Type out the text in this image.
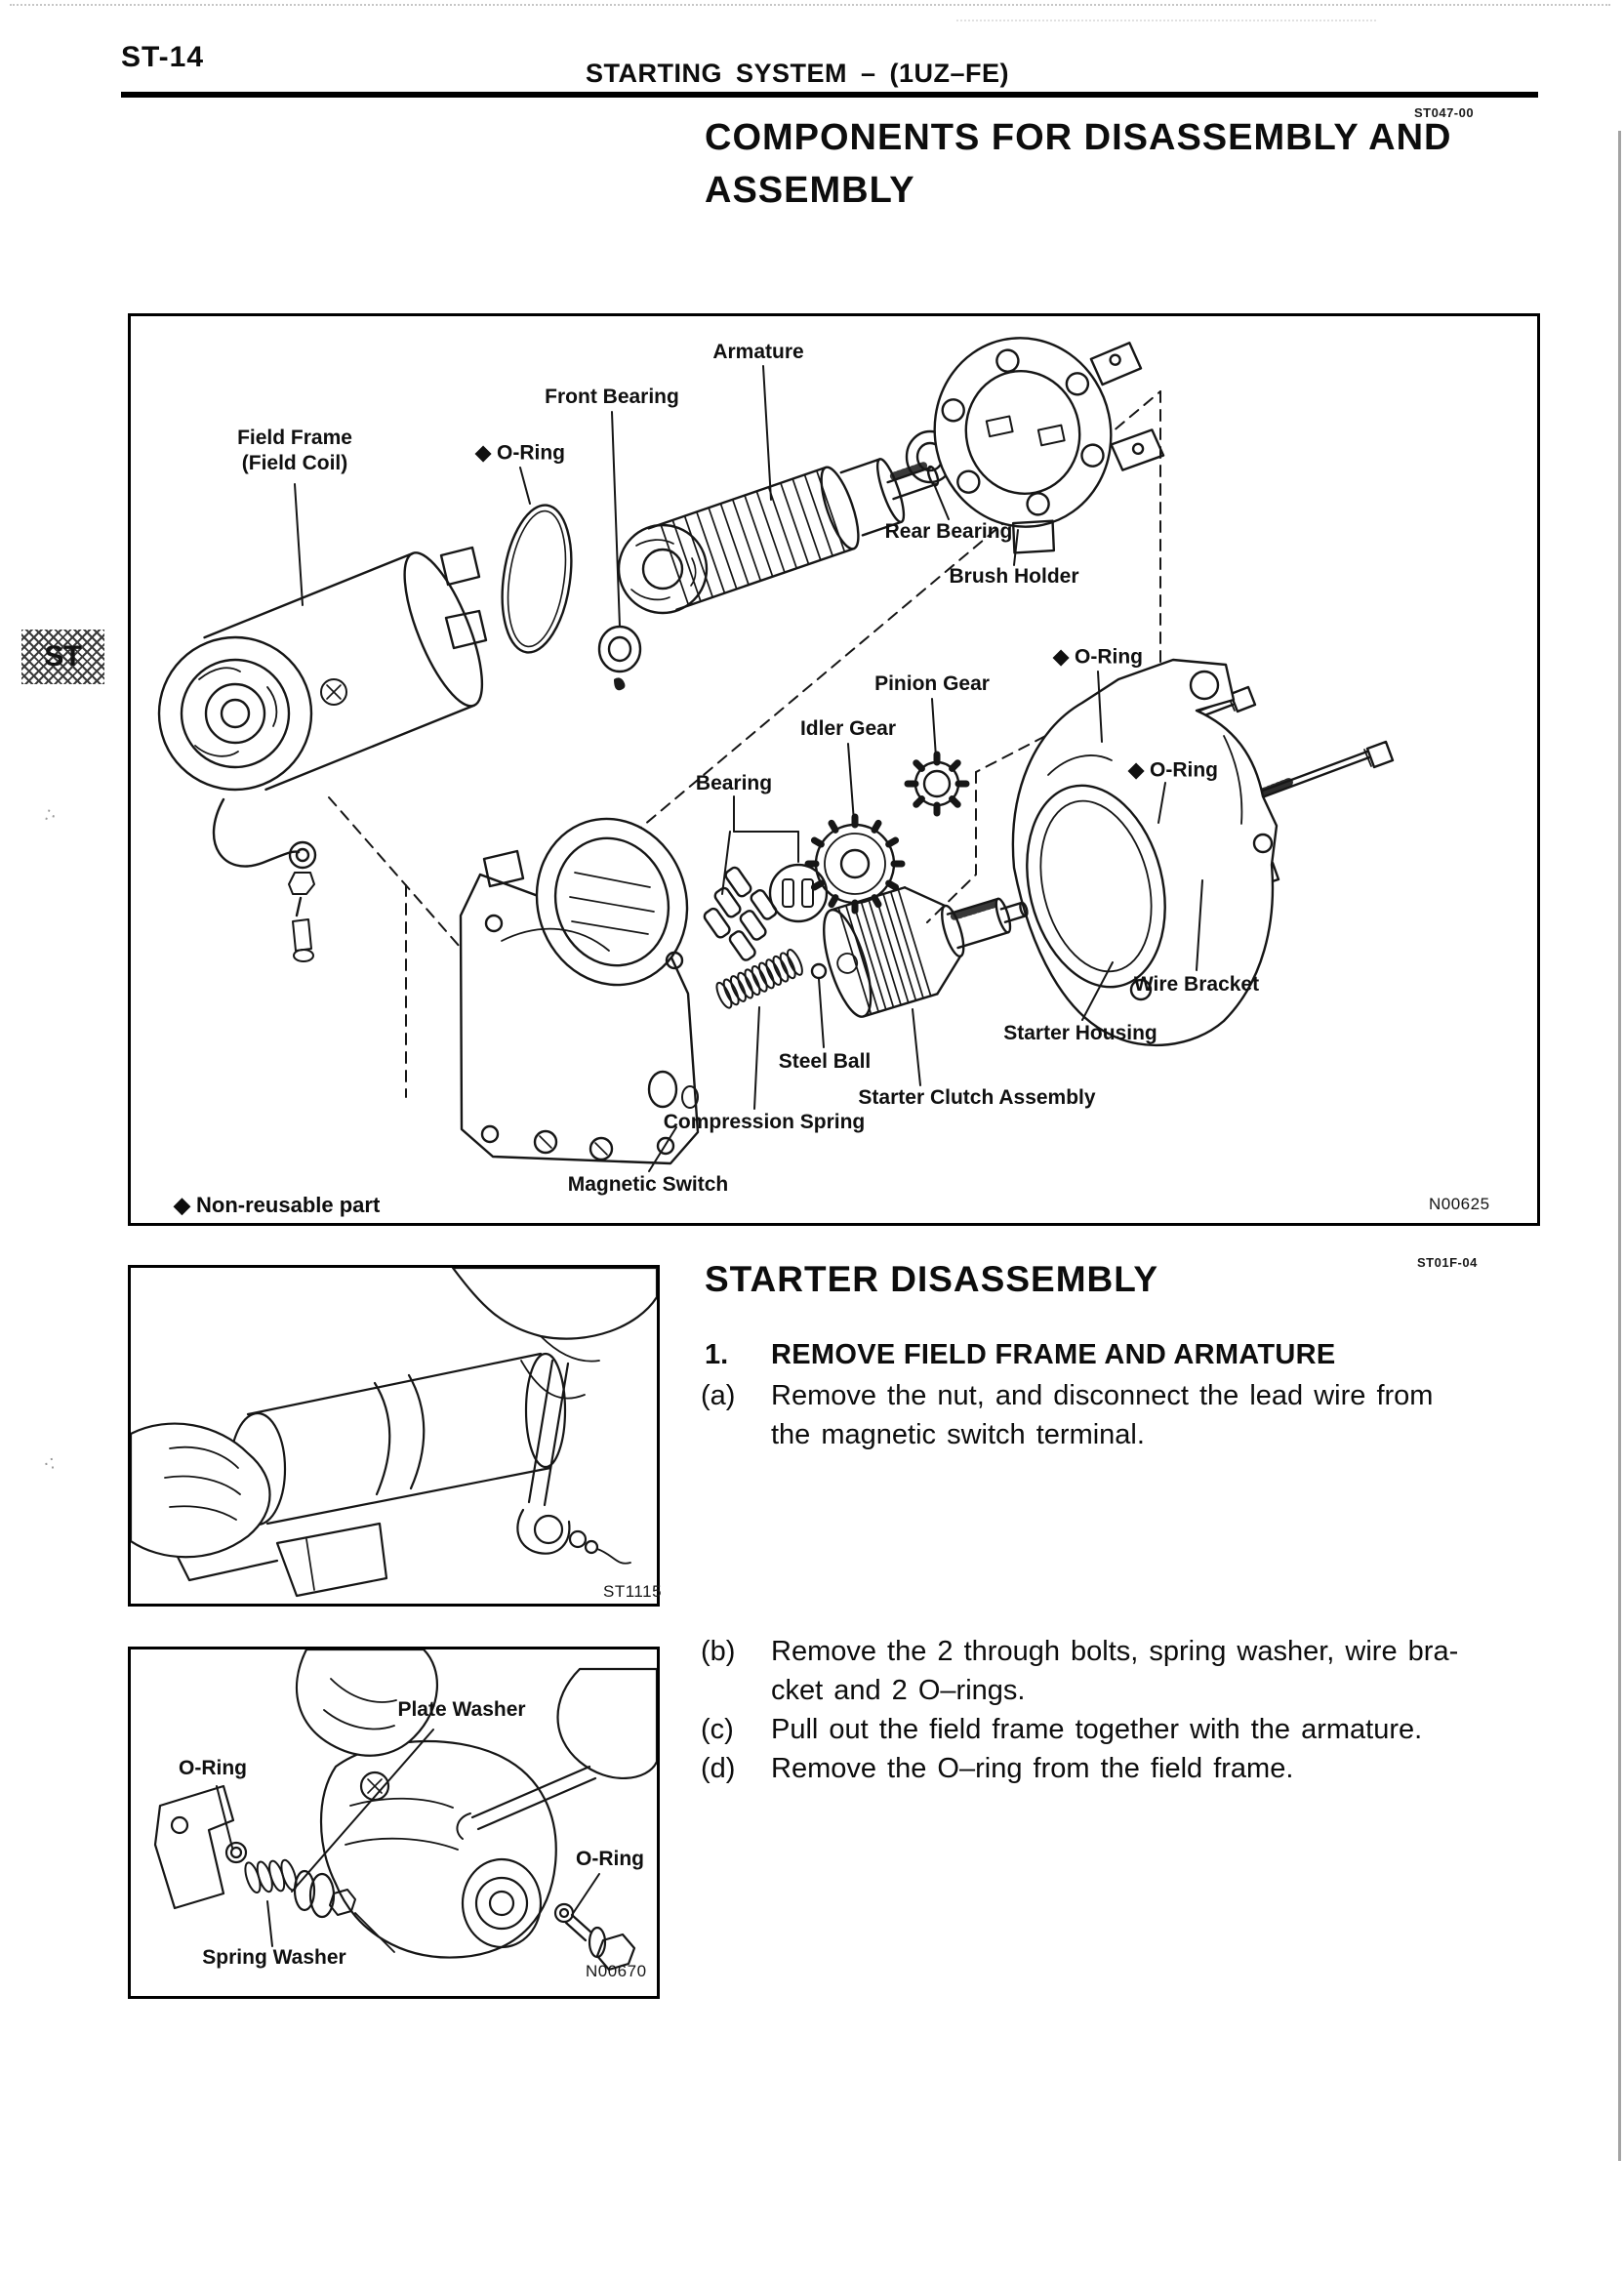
:·
·:
ST-14	STARTING SYSTEM – (1UZ–FE)
ST
ST047-00
COMPONENTS FOR DISASSEMBLY AND
ASSEMBLY
Armature
Front Bearing
Field Frame
(Field Coil)	◆ O-Ring
Rear Bearing
Brush Holder
◆ O-Ring
Pinion Gear
Idler Gear
Bearing
◆ O-Ring
Wire Bracket
Starter Housing
Steel Ball
Starter Clutch Assembly
Compression Spring
Magnetic Switch
◆ Non-reusable part	N00625
ST01F-04
STARTER DISASSEMBLY
1. REMOVE FIELD FRAME AND ARMATURE
(a) Remove the nut, and disconnect the lead wire from
the magnetic switch terminal.
(b) Remove the 2 through bolts, spring washer, wire bra-
cket and 2 O–rings.
(c) Pull out the field frame together with the armature.
(d) Remove the O–ring from the field frame.
ST1115
Plate Washer
O-Ring
O-Ring
Spring Washer
N00670
